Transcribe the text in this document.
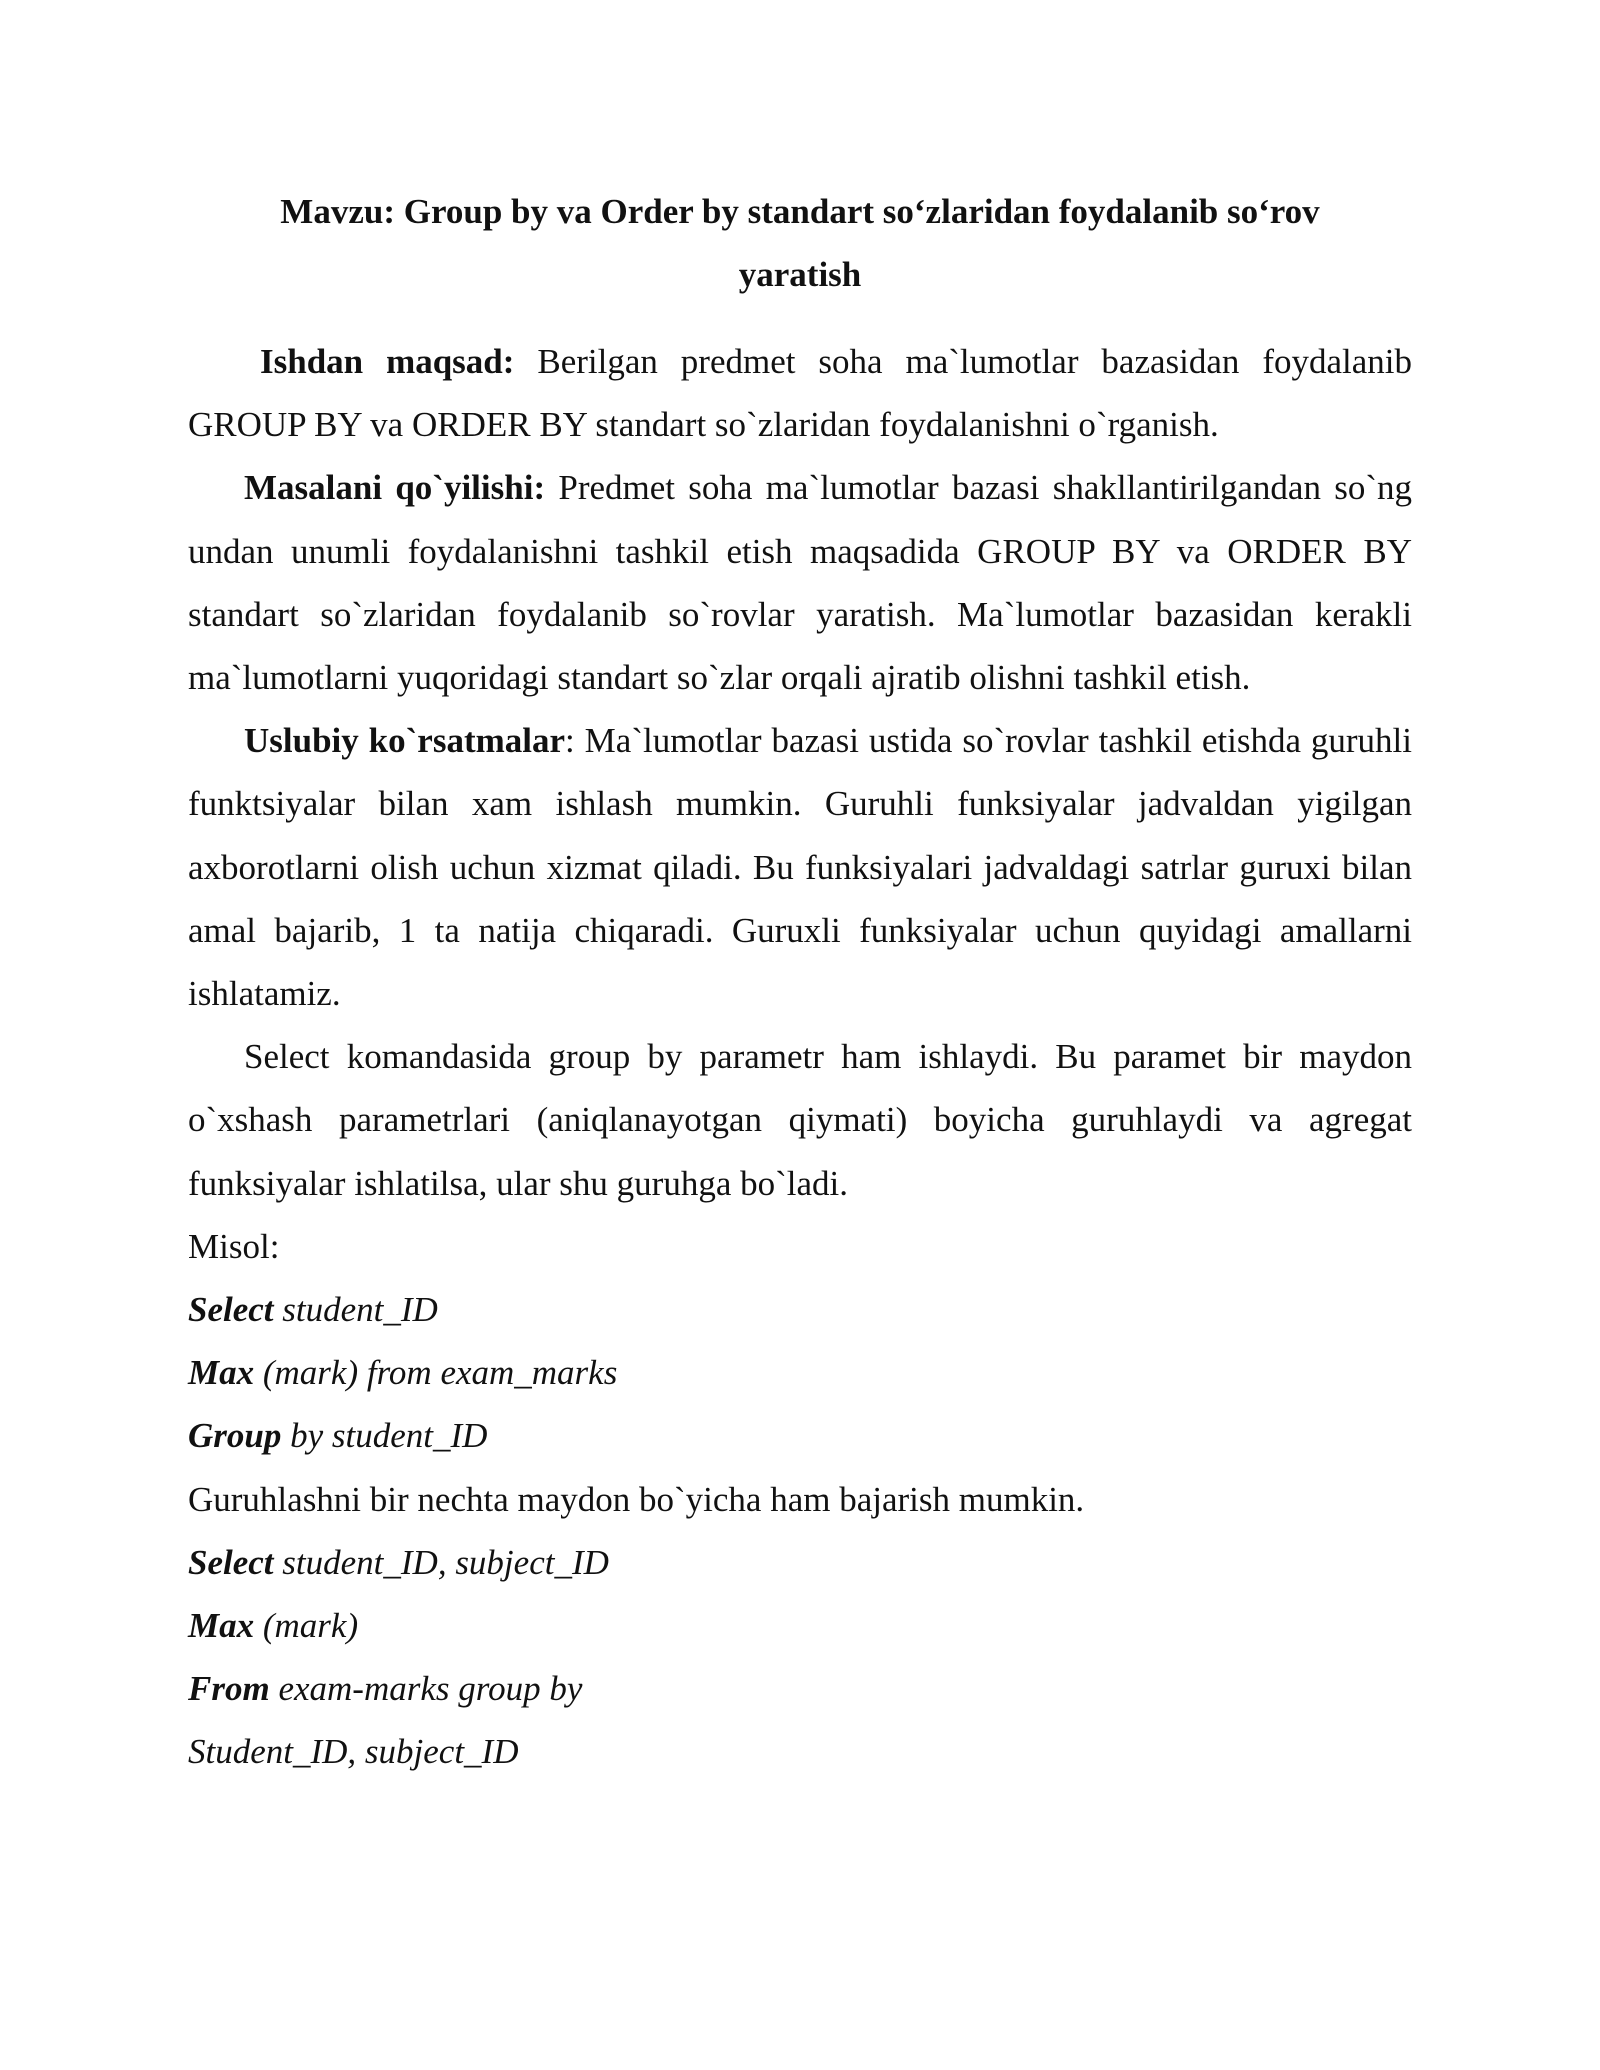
Mavzu: Group by va Order by standart so‘zlaridan foydalanib so‘rov yaratish

Ishdan maqsad: Berilgan predmet soha ma`lumotlar bazasidan foydalanib GROUP BY va ORDER BY standart so`zlaridan foydalanishni o`rganish.

Masalani qo`yilishi: Predmet soha ma`lumotlar bazasi shakllantirilgandan so`ng undan unumli foydalanishni tashkil etish maqsadida GROUP BY va ORDER BY standart so`zlaridan foydalanib so`rovlar yaratish. Ma`lumotlar bazasidan kerakli ma`lumotlarni yuqoridagi standart so`zlar orqali ajratib olishni tashkil etish.

Uslubiy ko`rsatmalar: Ma`lumotlar bazasi ustida so`rovlar tashkil etishda guruhli funktsiyalar bilan xam ishlash mumkin. Guruhli funksiyalar jadvaldan yigilgan axborotlarni olish uchun xizmat qiladi. Bu funksiyalari jadvaldagi satrlar guruxi bilan amal bajarib, 1 ta natija chiqaradi. Guruxli funksiyalar uchun quyidagi amallarni ishlatamiz.

Select komandasida group by parametr ham ishlaydi. Bu paramet bir maydon o`xshash parametrlari (aniqlanayotgan qiymati) boyicha guruhlaydi va agregat funksiyalar ishlatilsa, ular shu guruhga bo`ladi.

Misol:

Select student_ID

Max (mark) from exam_marks

Group by student_ID

Guruhlashni bir nechta maydon bo`yicha ham bajarish mumkin.

Select student_ID, subject_ID

Max (mark)

From exam-marks group by

Student_ID, subject_ID
